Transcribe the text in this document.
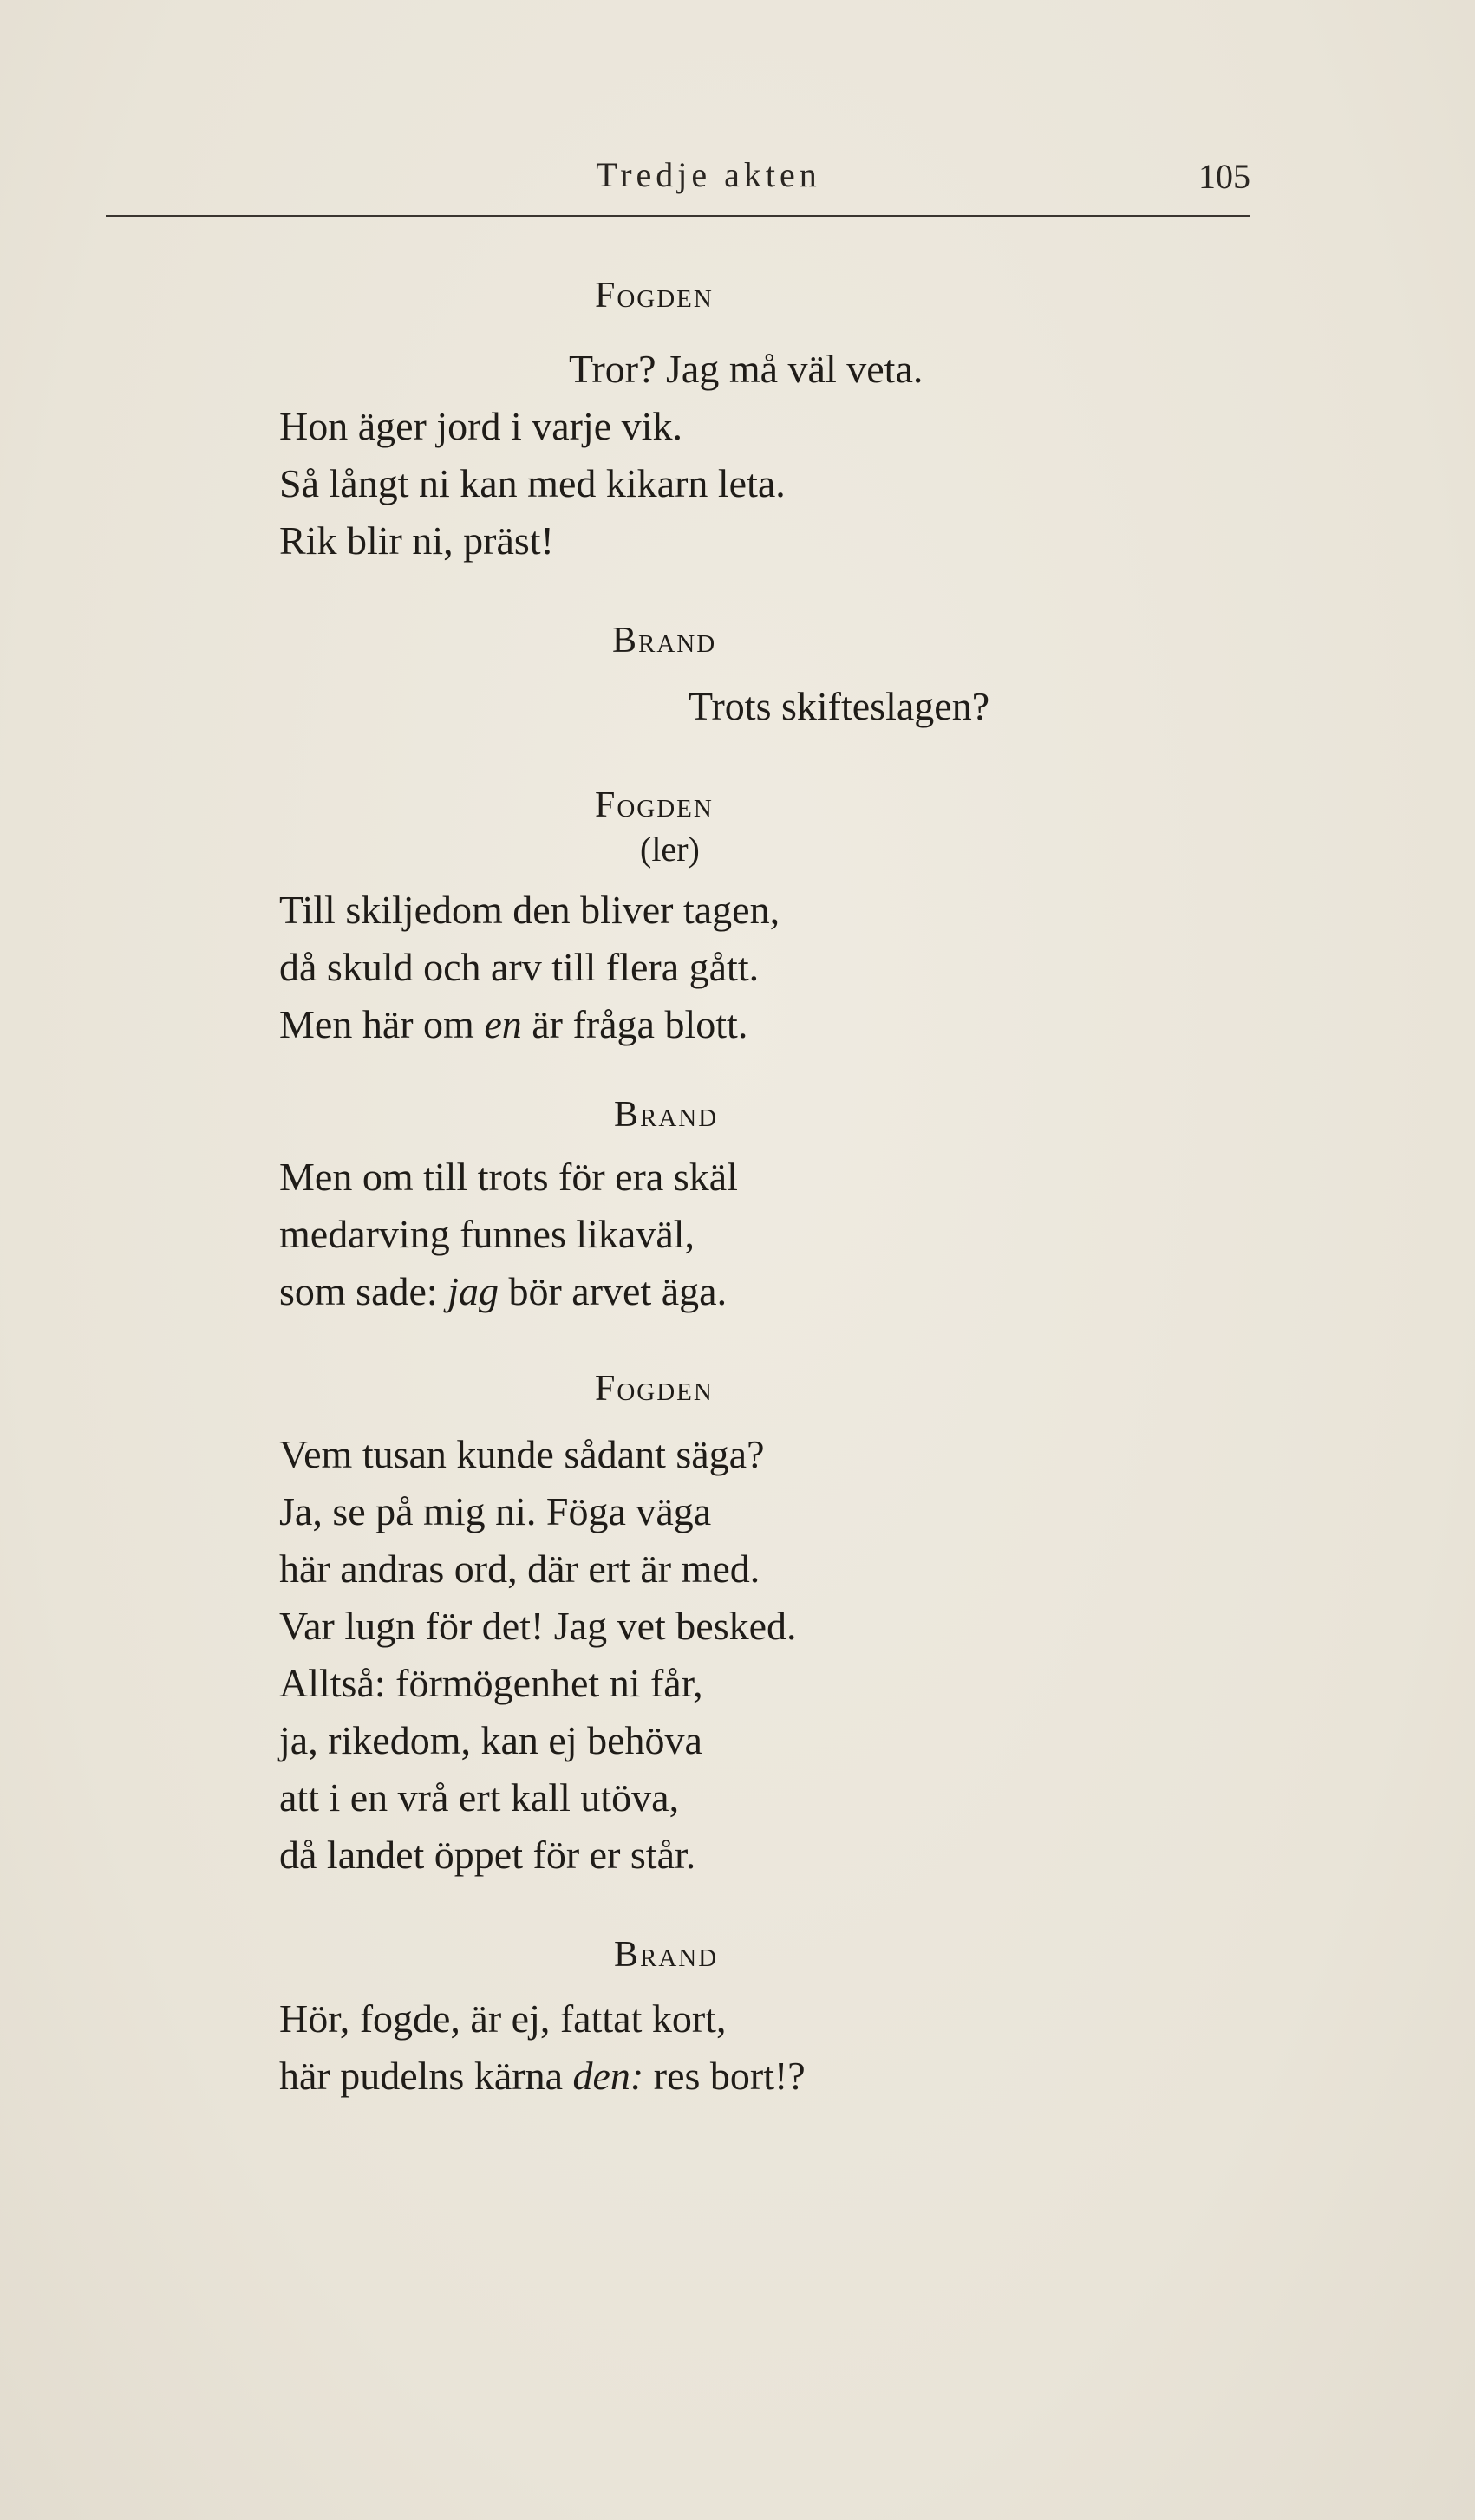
Tredje akten	105
Fogden
Tror? Jag må väl veta.
Hon äger jord i varje vik.
Så långt ni kan med kikarn leta.
Rik blir ni, präst!
Brand
Trots skifteslagen?
Fogden
(ler)
Till skiljedom den bliver tagen,
då skuld och arv till flera gått.
Men här om en är fråga blott.
Brand
Men om till trots för era skäl
medarving funnes likaväl,
som sade: jag bör arvet äga.
Fogden
Vem tusan kunde sådant säga?
Ja, se på mig ni. Föga väga
här andras ord, där ert är med.
Var lugn för det! Jag vet besked.
Alltså: förmögenhet ni får,
ja, rikedom, kan ej behöva
att i en vrå ert kall utöva,
då landet öppet för er står.
Brand
Hör, fogde, är ej, fattat kort,
här pudelns kärna den: res bort!?
